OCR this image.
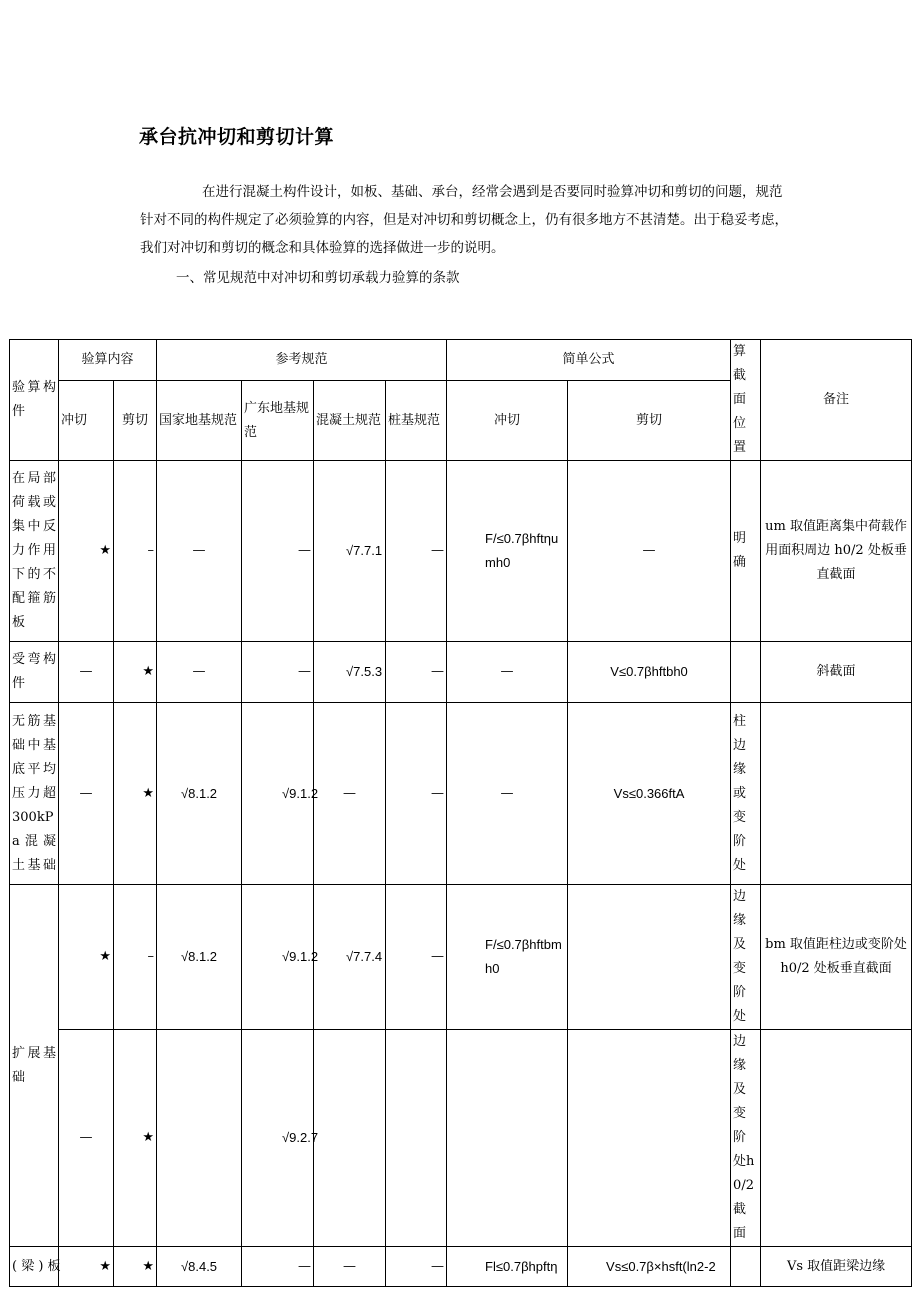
承台抗冲切和剪切计算
在进行混凝土构件设计，如板、基础、承台，经常会遇到是否要同时验算冲切和剪切的问题，规范针对不同的构件规定了必须验算的内容，但是对冲切和剪切概念上，仍有很多地方不甚清楚。出于稳妥考虑，我们对冲切和剪切的概念和具体验算的选择做进一步的说明。
一、常见规范中对冲切和剪切承载力验算的条款
验算构件	验算内容		参考规范				简单公式		算截面位置	备注
	冲切	剪切	国家地基规范	广东地基规范	混凝土规范	桩基规范	冲切	剪切		
在局部荷载或集中反力作用下的不配箍筋板	★	–	—	—	√7.7.1	—	F/≤0.7βhftηumh0	—	明确	um 取值距离集中荷载作用面积周边 h0/2 处板垂直截面
受弯构件	—	★	—	—	√7.5.3	—	—	V≤0.7βhftbh0		斜截面
无筋基础中基底平均压力超300kPa混凝土基础	—	★	√8.1.2	√9.1.2	—	—	—	Vs≤0.366ftA	柱边缘或变阶处	
扩展基础	★	–	√8.1.2	√9.1.2	√7.7.4	—	F/≤0.7βhftbmh0		边缘及变阶处	bm 取值距柱边或变阶处 h0/2 处板垂直截面
	—	★		√9.2.7					边缘及变阶处h0/2截面	
( 梁 ) 板	★	★	√8.4.5	—	—	—	Fl≤0.7βhpftη	Vs≤0.7β×hsft(ln2-2		Vs 取值距梁边缘
